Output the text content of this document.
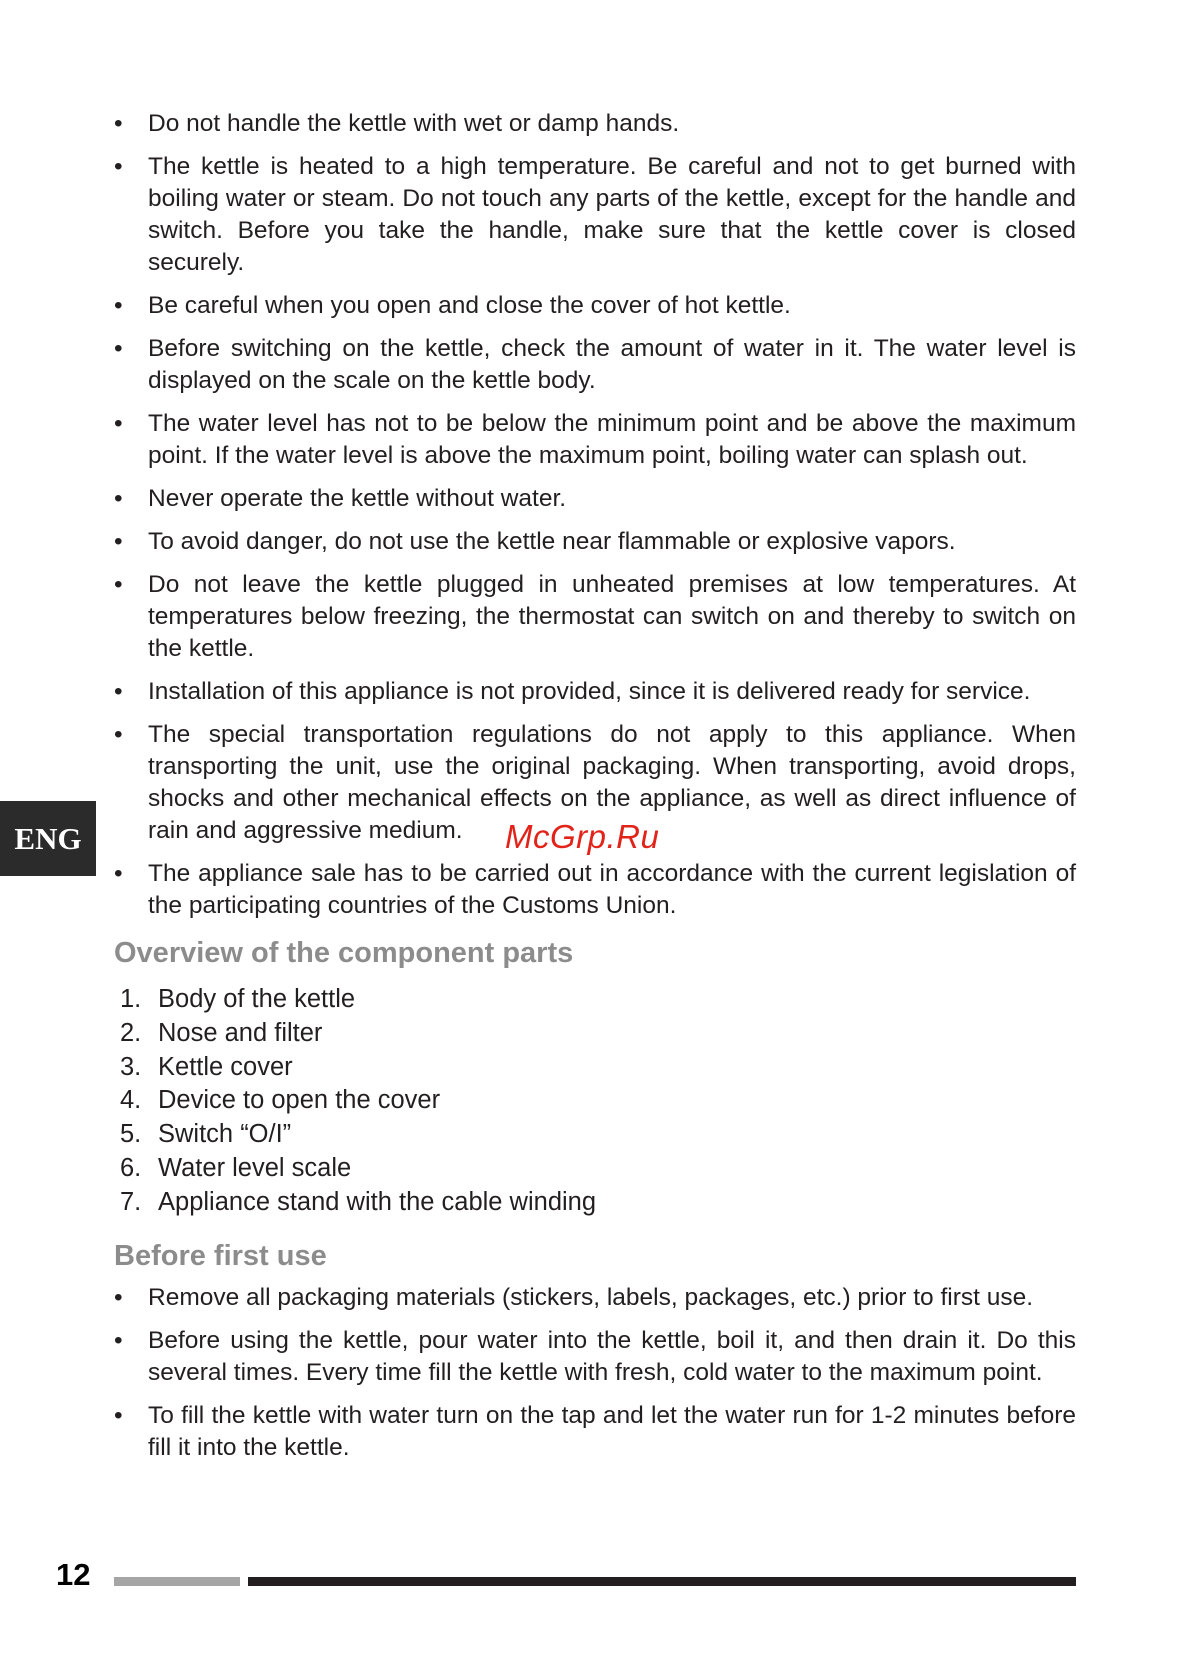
ENG
•	Do not handle the kettle with wet or damp hands.
•	The kettle is heated to a high temperature. Be careful and not to get burned with boiling water or steam. Do not touch any parts of the kettle, except for the handle and switch. Before you take the handle, make sure that the kettle cover is closed securely.
•	Be careful when you open and close the cover of hot kettle.
•	Before switching on the kettle, check the amount of water in it. The water level is displayed on the scale on the kettle body.
•	The water level has not to be below the minimum point and be above the maximum point. If the water level is above the maximum point, boiling water can splash out.
•	Never operate the kettle without water.
•	To avoid danger, do not use the kettle near flammable or explosive vapors.
•	Do not leave the kettle plugged in unheated premises at low temperatures. At temperatures below freezing, the thermostat can switch on and thereby to switch on the kettle.
•	Installation of this appliance is not provided, since it is delivered ready for service.
•	The special transportation regulations do not apply to this appliance. When transporting the unit, use the original packaging. When transporting, avoid drops, shocks and other mechanical effects on the appliance, as well as direct influence of rain and aggressive medium.
•	The appliance sale has to be carried out in accordance with the current legislation of the participating countries of the Customs Union.
Overview of the component parts
1. Body of the kettle
2. Nose and filter
3. Kettle cover
4. Device to open the cover
5. Switch “O/I”
6. Water level scale
7. Appliance stand with the cable winding
Before first use
•	Remove all packaging materials (stickers, labels, packages, etc.) prior to first use.
•	Before using the kettle, pour water into the kettle, boil it, and then drain it. Do this several times. Every time fill the kettle with fresh, cold water to the maximum point.
•	To fill the kettle with water turn on the tap and let the water run for 1-2 minutes before fill it into the kettle.
McGrp.Ru
12
